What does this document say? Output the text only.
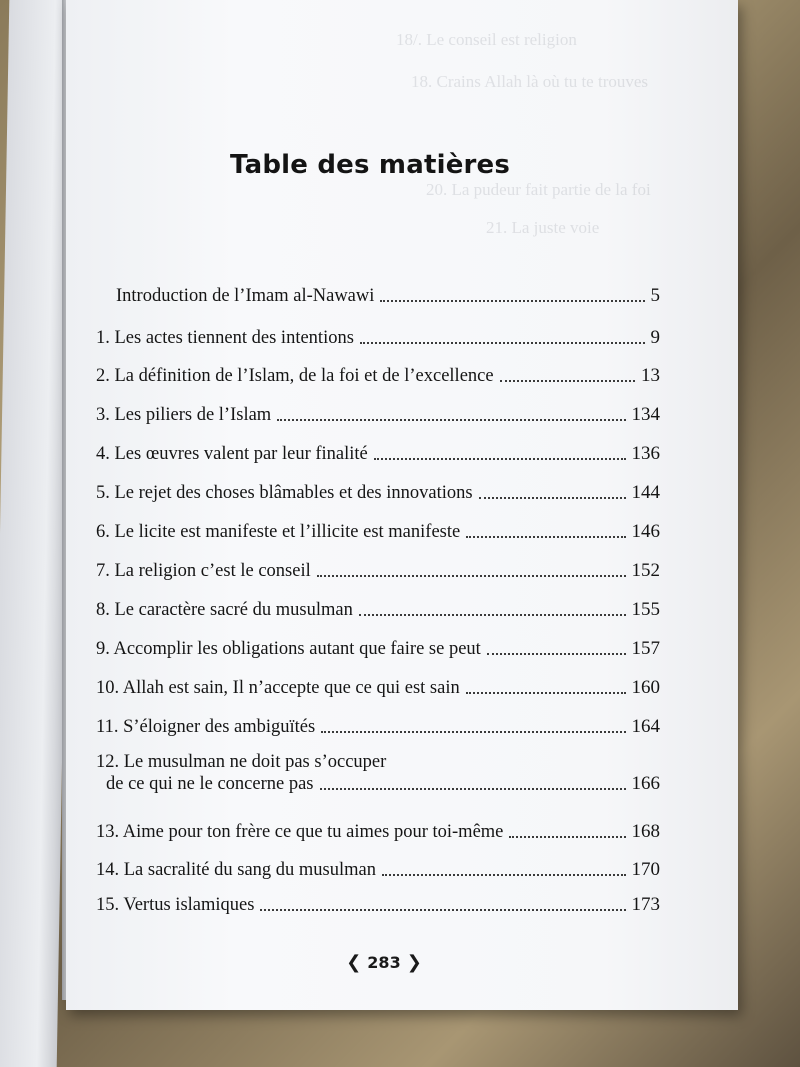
18/. Le conseil est religion
18. Crains Allah là où tu te trouves
20. La pudeur fait partie de la foi
21. La juste voie
Table des matières
Introduction de l’Imam al-Nawawi	5
1. Les actes tiennent des intentions	9
2. La définition de l’Islam, de la foi et de l’excellence	13
3. Les piliers de l’Islam	134
4. Les œuvres valent par leur finalité	136
5. Le rejet des choses blâmables et des innovations	144
6. Le licite est manifeste et l’illicite est manifeste	146
7. La religion c’est le conseil	152
8. Le caractère sacré du musulman	155
9. Accomplir les obligations autant que faire se peut	157
10. Allah est sain, Il n’accepte que ce qui est sain	160
11. S’éloigner des ambiguïtés	164
12. Le musulman ne doit pas s’occuper
de ce qui ne le concerne pas	166
13. Aime pour ton frère ce que tu aimes pour toi-même	168
14. La sacralité du sang du musulman	170
15. Vertus islamiques	173
❮ 283 ❯
